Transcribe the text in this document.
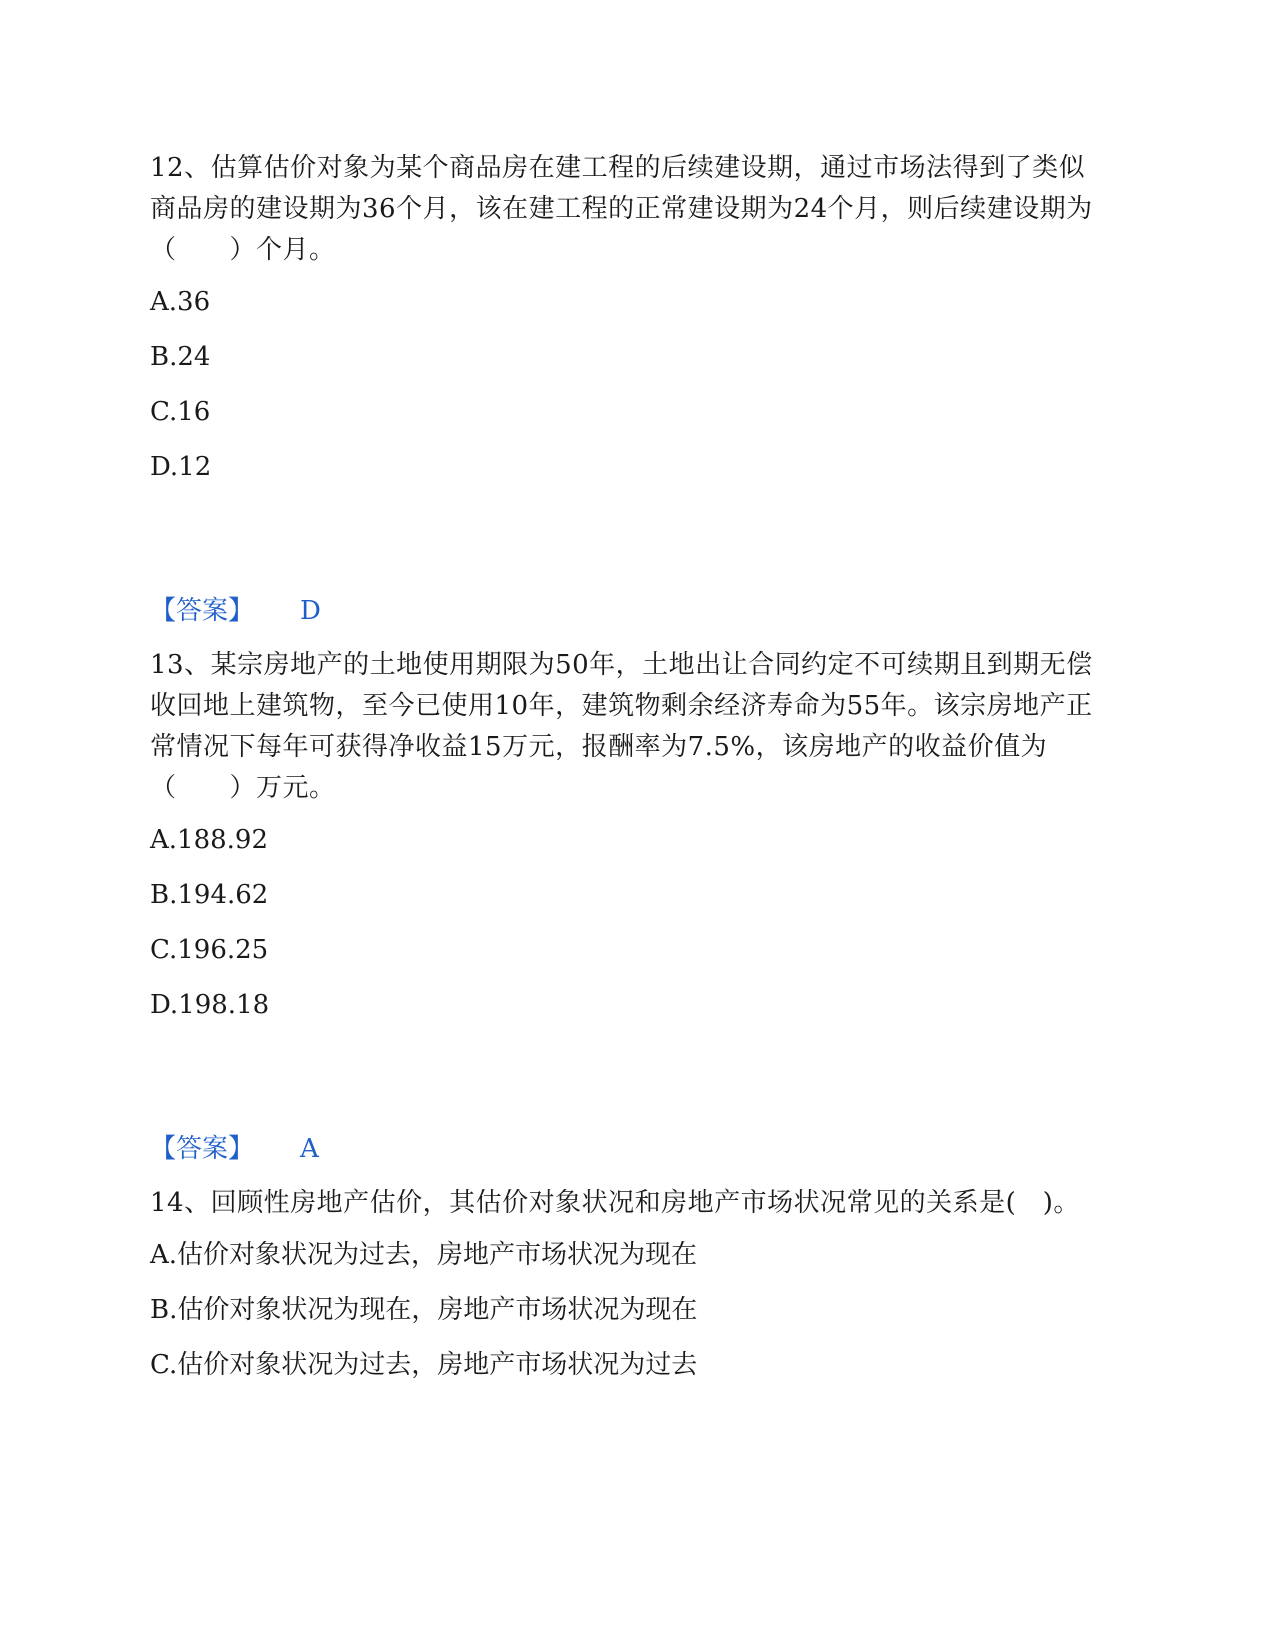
12、估算估价对象为某个商品房在建工程的后续建设期，通过市场法得到了类似商品房的建设期为36个月，该在建工程的正常建设期为24个月，则后续建设期为（　　）个月。

A.36

B.24

C.16

D.12

【答案】 D

13、某宗房地产的土地使用期限为50年，土地出让合同约定不可续期且到期无偿收回地上建筑物，至今已使用10年，建筑物剩余经济寿命为55年。该宗房地产正常情况下每年可获得净收益15万元，报酬率为7.5%，该房地产的收益价值为（　　）万元。

A.188.92

B.194.62

C.196.25

D.198.18

【答案】 A

14、回顾性房地产估价，其估价对象状况和房地产市场状况常见的关系是(　)。

A.估价对象状况为过去，房地产市场状况为现在

B.估价对象状况为现在，房地产市场状况为现在

C.估价对象状况为过去，房地产市场状况为过去
